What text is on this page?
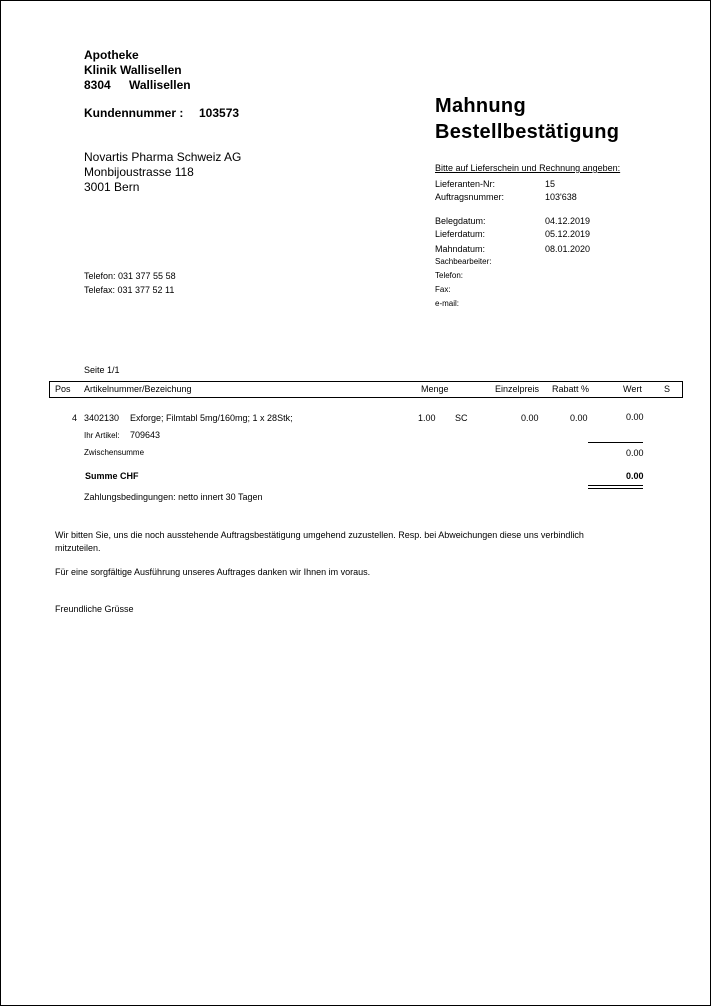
Apotheke
Klinik Wallisellen
8304 Wallisellen
Kundennummer : 103573
Novartis Pharma Schweiz AG
Monbijoustrasse 118
3001 Bern
Telefon: 031 377 55 58
Telefax: 031 377 52 11
Mahnung
Bestellbestätigung
Bitte auf Lieferschein und Rechnung angeben:
Lieferanten-Nr:	15
Auftragsnummer:	103'638
Belegdatum:	04.12.2019
Lieferdatum:	05.12.2019
Mahndatum:	08.01.2020
Sachbearbeiter:
Telefon:
Fax:
e-mail:
Seite 1/1
Pos Artikelnummer/Bezeichung	Menge	Einzelpreis Rabatt %	Wert S
4 3402130 Exforge; Filmtabl 5mg/160mg; 1 x 28Stk;	1.00 SC	0.00	0.00	0.00
Ihr Artikel: 709643
Zwischensumme	0.00
Summe CHF	0.00
Zahlungsbedingungen: netto innert 30 Tagen
Wir bitten Sie, uns die noch ausstehende Auftragsbestätigung umgehend zuzustellen. Resp. bei Abweichungen diese uns verbindlich mitzuteilen.
Für eine sorgfältige Ausführung unseres Auftrages danken wir Ihnen im voraus.
Freundliche Grüsse
